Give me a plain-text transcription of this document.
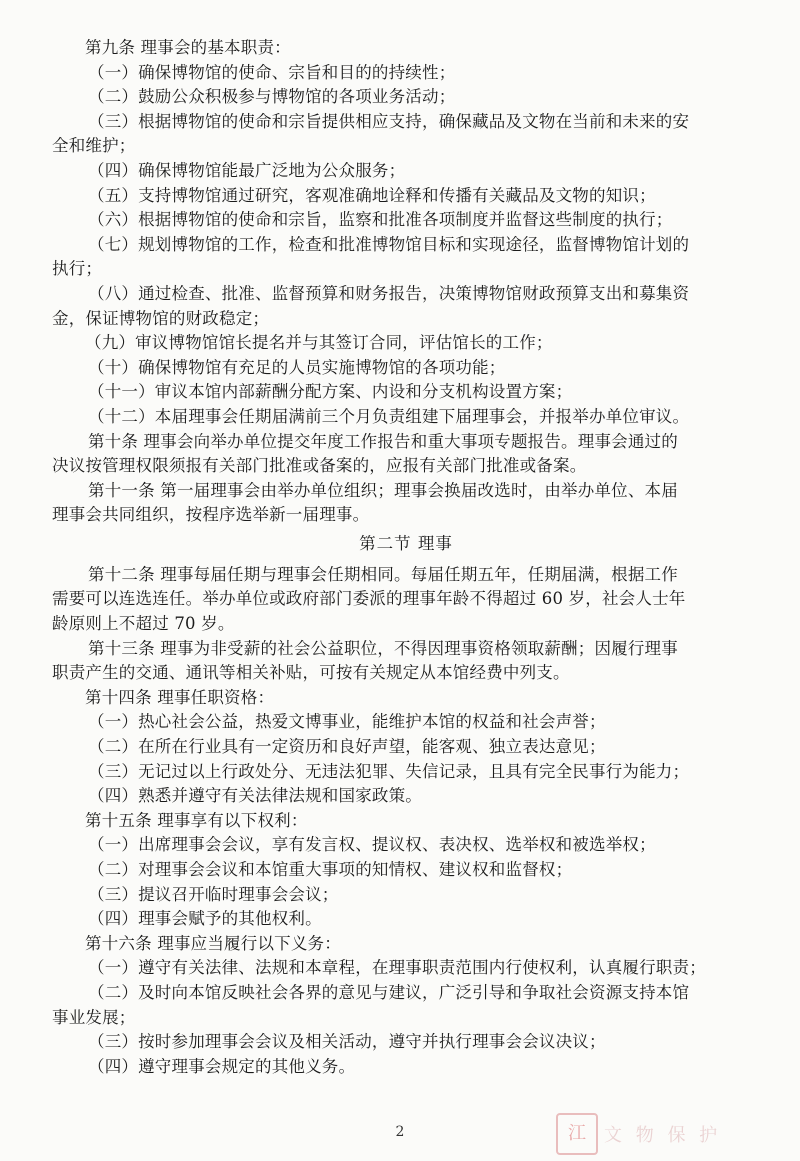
第九条 理事会的基本职责：
（一）确保博物馆的使命、宗旨和目的的持续性；
（二）鼓励公众积极参与博物馆的各项业务活动；
（三）根据博物馆的使命和宗旨提供相应支持，确保藏品及文物在当前和未来的安
全和维护；
（四）确保博物馆能最广泛地为公众服务；
（五）支持博物馆通过研究，客观准确地诠释和传播有关藏品及文物的知识；
（六）根据博物馆的使命和宗旨，监察和批准各项制度并监督这些制度的执行；
（七）规划博物馆的工作，检查和批准博物馆目标和实现途径，监督博物馆计划的
执行；
（八）通过检查、批准、监督预算和财务报告，决策博物馆财政预算支出和募集资
金，保证博物馆的财政稳定；
（九）审议博物馆馆长提名并与其签订合同，评估馆长的工作；
（十）确保博物馆有充足的人员实施博物馆的各项功能；
（十一）审议本馆内部薪酬分配方案、内设和分支机构设置方案；
（十二）本届理事会任期届满前三个月负责组建下届理事会，并报举办单位审议。
第十条 理事会向举办单位提交年度工作报告和重大事项专题报告。理事会通过的
决议按管理权限须报有关部门批准或备案的，应报有关部门批准或备案。
第十一条 第一届理事会由举办单位组织；理事会换届改选时，由举办单位、本届
理事会共同组织，按程序选举新一届理事。
第二节 理事
第十二条 理事每届任期与理事会任期相同。每届任期五年，任期届满，根据工作
需要可以连选连任。举办单位或政府部门委派的理事年龄不得超过 60 岁，社会人士年
龄原则上不超过 70 岁。
第十三条 理事为非受薪的社会公益职位，不得因理事资格领取薪酬；因履行理事
职责产生的交通、通讯等相关补贴，可按有关规定从本馆经费中列支。
第十四条 理事任职资格：
（一）热心社会公益，热爱文博事业，能维护本馆的权益和社会声誉；
（二）在所在行业具有一定资历和良好声望，能客观、独立表达意见；
（三）无记过以上行政处分、无违法犯罪、失信记录，且具有完全民事行为能力；
（四）熟悉并遵守有关法律法规和国家政策。
第十五条 理事享有以下权利：
（一）出席理事会会议，享有发言权、提议权、表决权、选举权和被选举权；
（二）对理事会会议和本馆重大事项的知情权、建议权和监督权；
（三）提议召开临时理事会会议；
（四）理事会赋予的其他权利。
第十六条 理事应当履行以下义务：
（一）遵守有关法律、法规和本章程，在理事职责范围内行使权利，认真履行职责；
（二）及时向本馆反映社会各界的意见与建议，广泛引导和争取社会资源支持本馆
事业发展；
（三）按时参加理事会会议及相关活动，遵守并执行理事会会议决议；
（四）遵守理事会规定的其他义务。
2	江	文 物 保 护
